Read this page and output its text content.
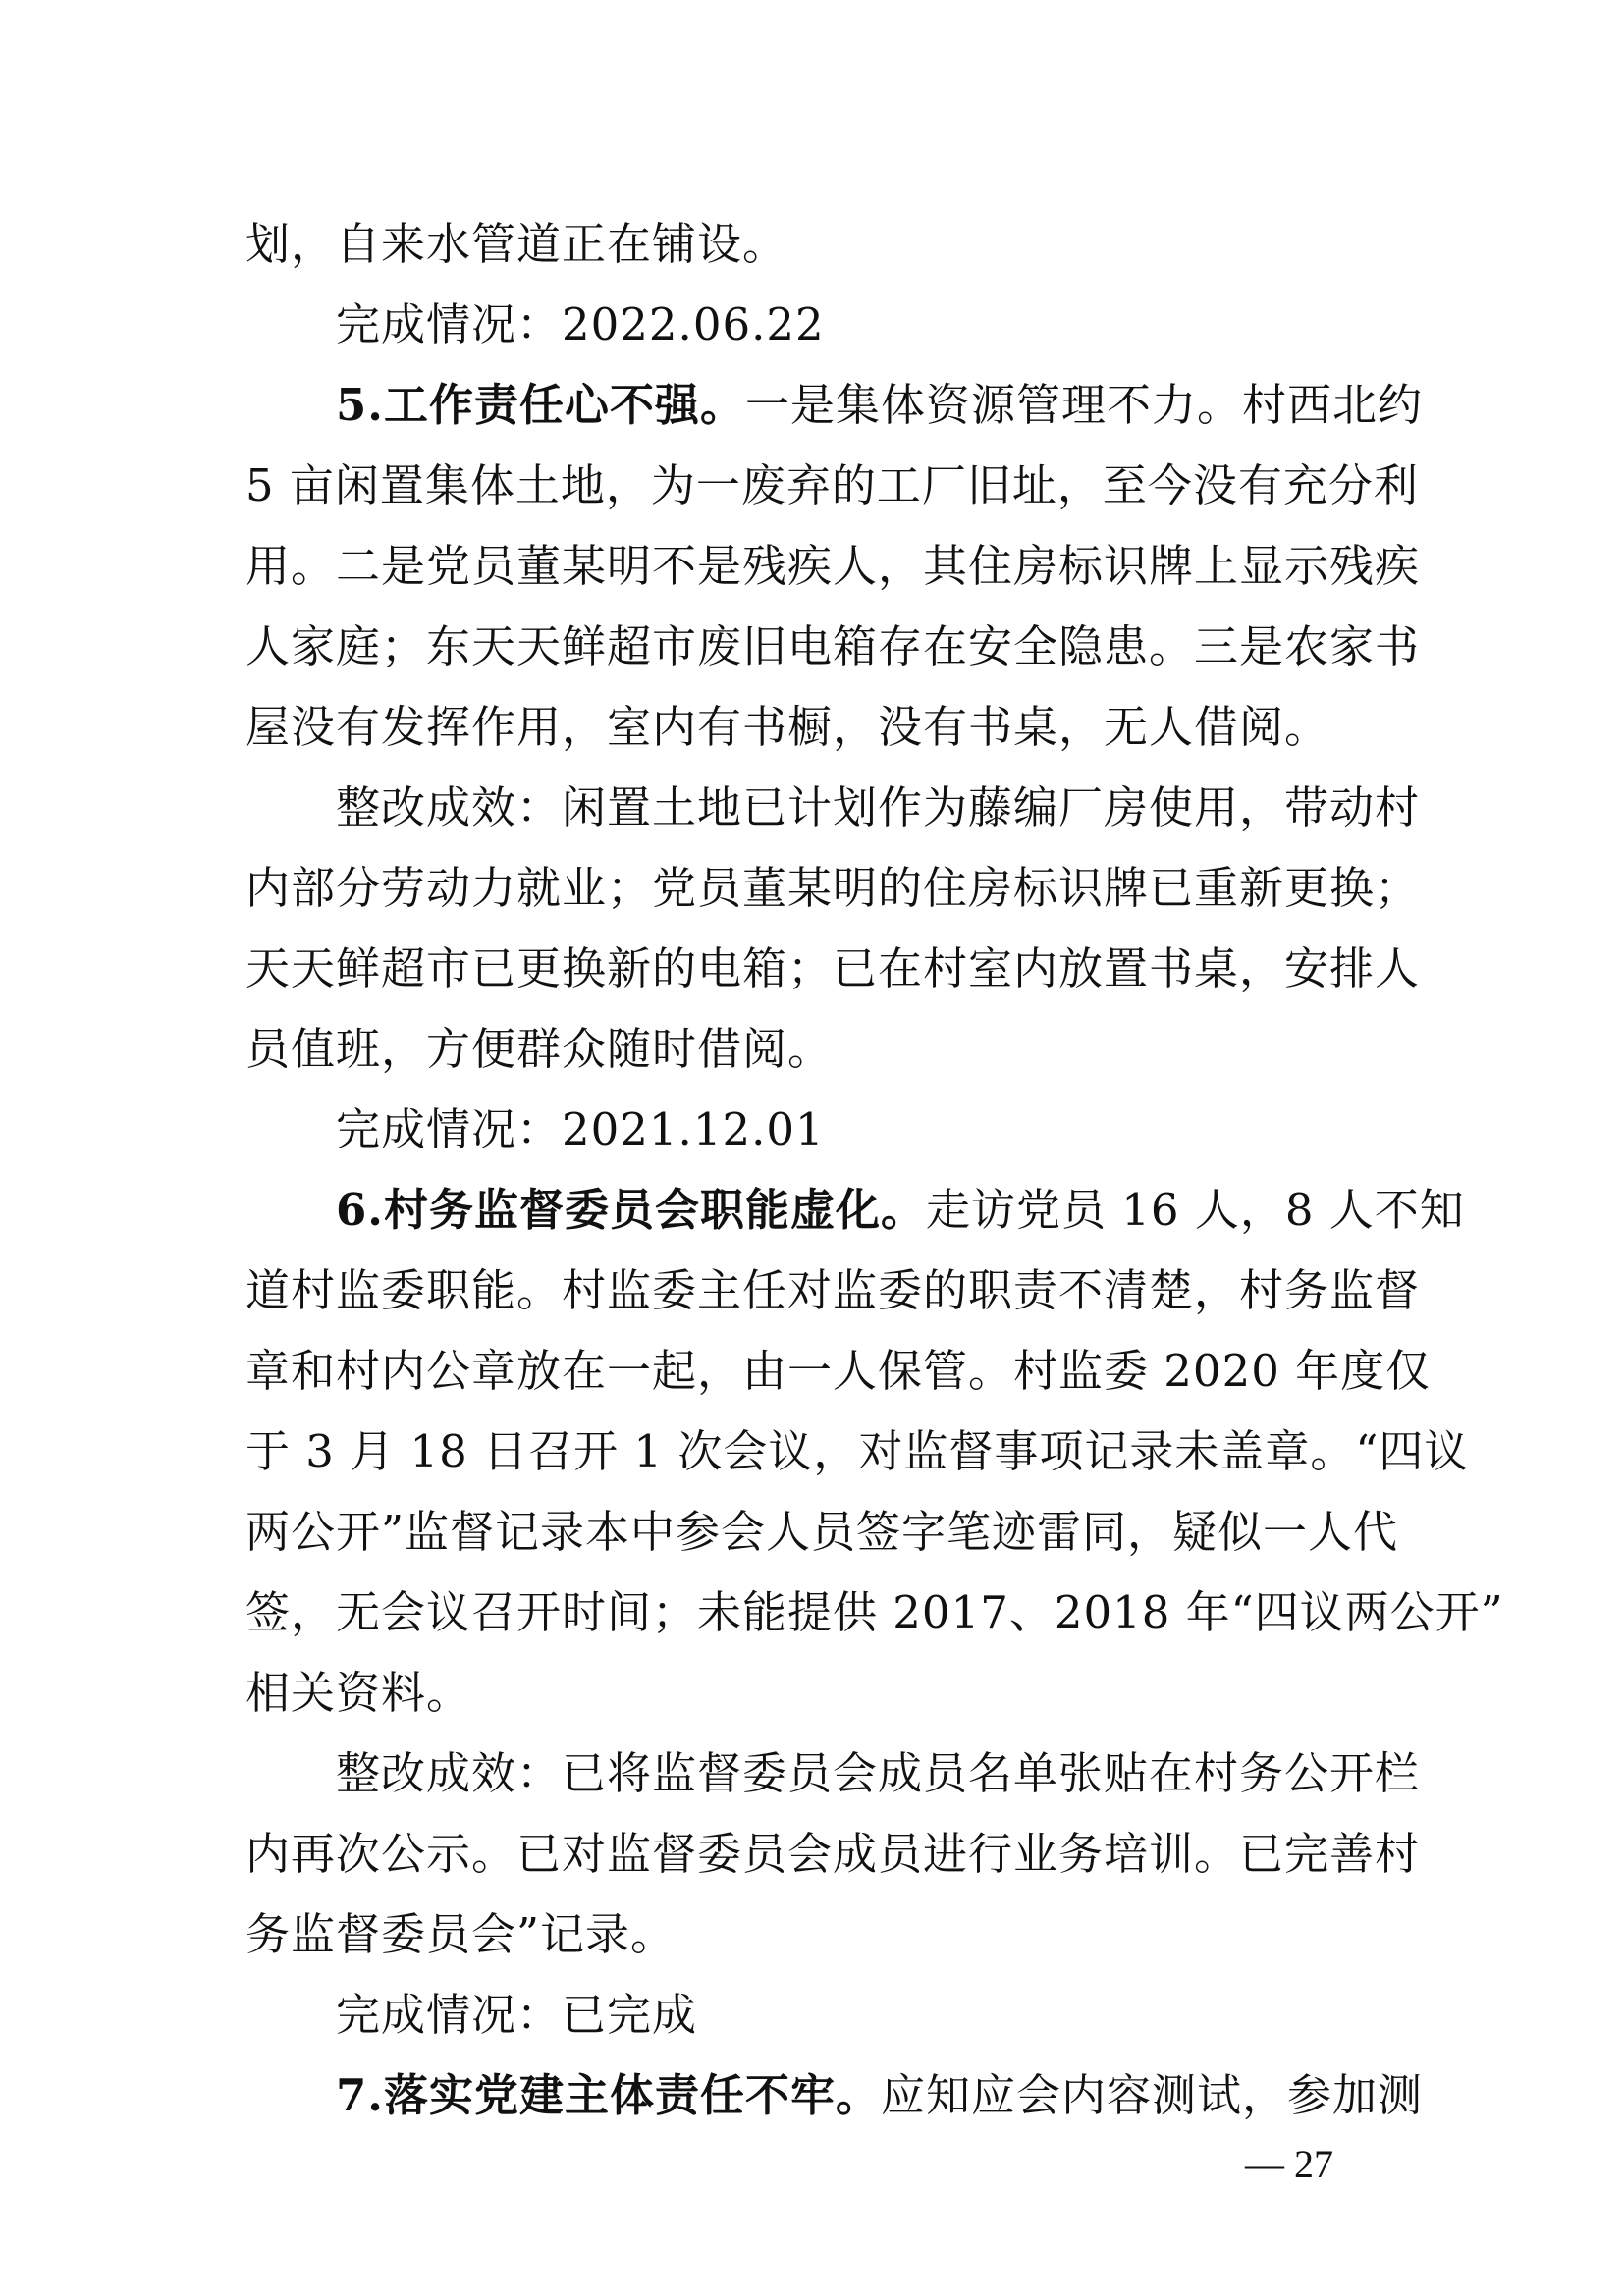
划，自来水管道正在铺设。
完成情况：2022.06.22
5.工作责任心不强。一是集体资源管理不力。村西北约
5 亩闲置集体土地，为一废弃的工厂旧址，至今没有充分利
用。二是党员董某明不是残疾人，其住房标识牌上显示残疾
人家庭；东天天鲜超市废旧电箱存在安全隐患。三是农家书
屋没有发挥作用，室内有书橱，没有书桌，无人借阅。
整改成效：闲置土地已计划作为藤编厂房使用，带动村
内部分劳动力就业；党员董某明的住房标识牌已重新更换；
天天鲜超市已更换新的电箱；已在村室内放置书桌，安排人
员值班，方便群众随时借阅。
完成情况：2021.12.01
6.村务监督委员会职能虚化。走访党员 16 人，8 人不知
道村监委职能。村监委主任对监委的职责不清楚，村务监督
章和村内公章放在一起，由一人保管。村监委 2020 年度仅
于 3 月 18 日召开 1 次会议，对监督事项记录未盖章。“四议
两公开”监督记录本中参会人员签字笔迹雷同，疑似一人代
签，无会议召开时间；未能提供 2017、2018 年“四议两公开”
相关资料。
整改成效：已将监督委员会成员名单张贴在村务公开栏
内再次公示。已对监督委员会成员进行业务培训。已完善村
务监督委员会”记录。
完成情况：已完成
7.落实党建主体责任不牢。应知应会内容测试，参加测
— 27
